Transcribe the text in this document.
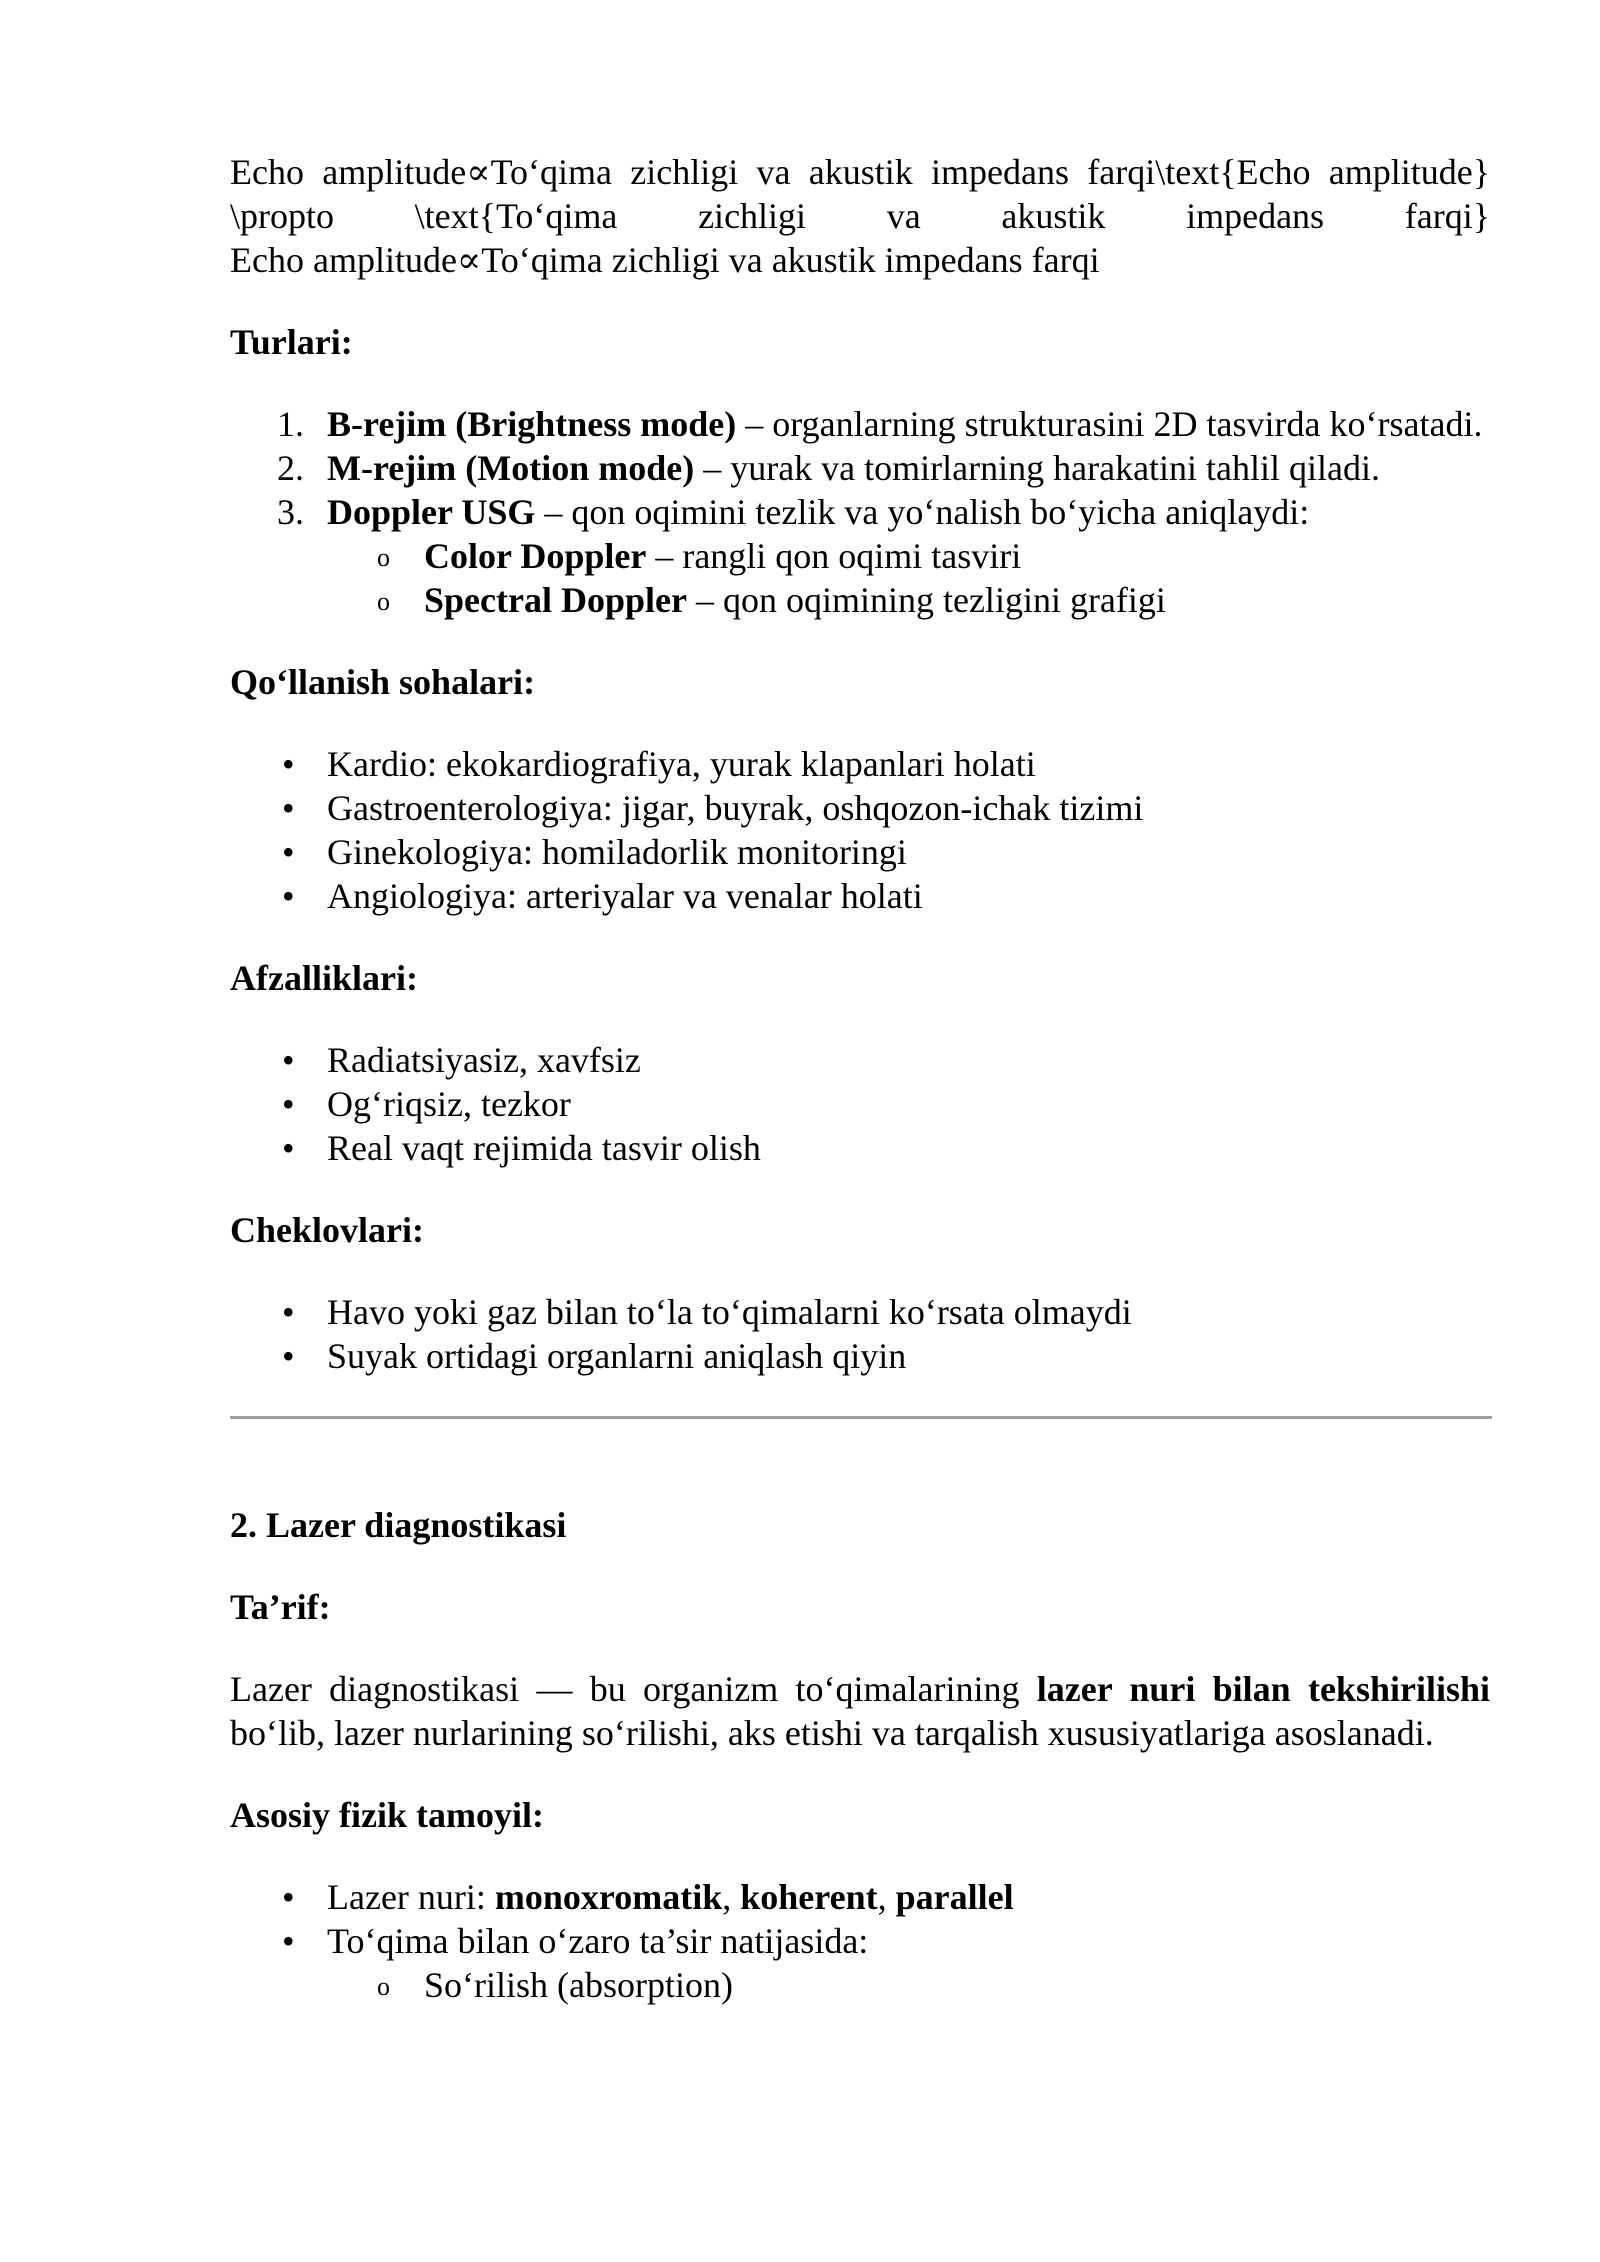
Echo amplitude∝To‘qima zichligi va akustik impedans farqi\text{Echo amplitude}

\propto \text{To‘qima zichligi va akustik impedans farqi}

Echo amplitude∝To‘qima zichligi va akustik impedans farqi

Turlari:

1. B-rejim (Brightness mode) – organlarning strukturasini 2D tasvirda ko‘rsatadi.
2. M-rejim (Motion mode) – yurak va tomirlarning harakatini tahlil qiladi.
3. Doppler USG – qon oqimini tezlik va yo‘nalish bo‘yicha aniqlaydi:
o Color Doppler – rangli qon oqimi tasviri
o Spectral Doppler – qon oqimining tezligini grafigi

Qo‘llanish sohalari:

• Kardio: ekokardiografiya, yurak klapanlari holati
• Gastroenterologiya: jigar, buyrak, oshqozon-ichak tizimi
• Ginekologiya: homiladorlik monitoringi
• Angiologiya: arteriyalar va venalar holati

Afzalliklari:

• Radiatsiyasiz, xavfsiz
• Og‘riqsiz, tezkor
• Real vaqt rejimida tasvir olish

Cheklovlari:

• Havo yoki gaz bilan to‘la to‘qimalarni ko‘rsata olmaydi
• Suyak ortidagi organlarni aniqlash qiyin

2. Lazer diagnostikasi

Ta’rif:

Lazer diagnostikasi — bu organizm to‘qimalarining lazer nuri bilan tekshirilishi bo‘lib, lazer nurlarining so‘rilishi, aks etishi va tarqalish xususiyatlariga asoslanadi.

Asosiy fizik tamoyil:

• Lazer nuri: monoxromatik, koherent, parallel
• To‘qima bilan o‘zaro ta’sir natijasida:
o So‘rilish (absorption)
